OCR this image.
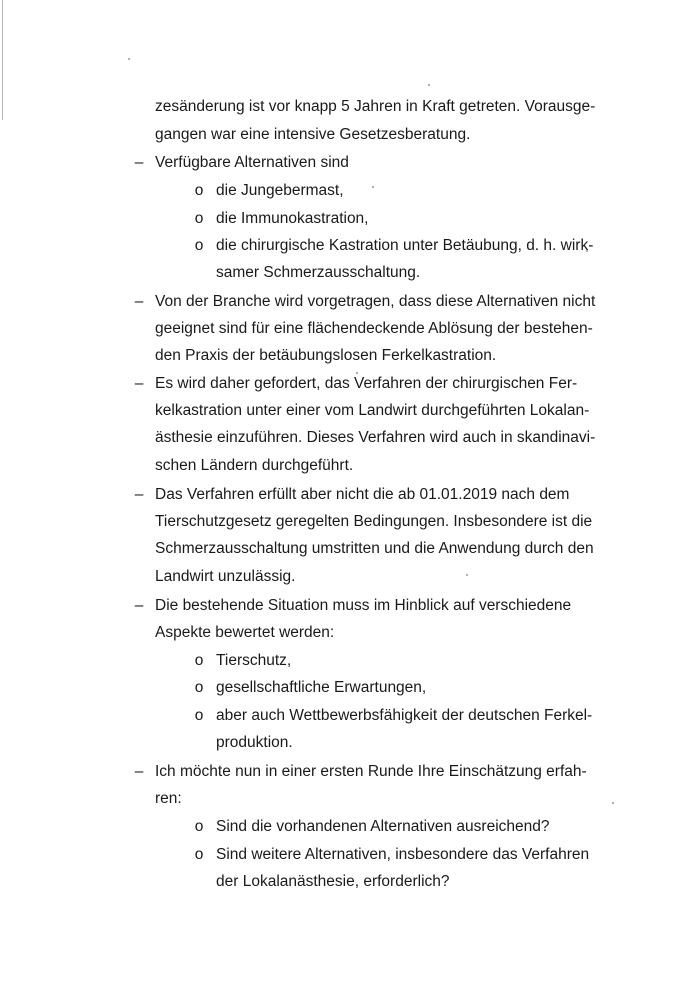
zesänderung ist vor knapp 5 Jahren in Kraft getreten. Vorausge-
gangen war eine intensive Gesetzesberatung.
– Verfügbare Alternativen sind
o die Jungebermast,
o die Immunokastration,
o die chirurgische Kastration unter Betäubung, d. h. wirk-
samer Schmerzausschaltung.
– Von der Branche wird vorgetragen, dass diese Alternativen nicht
geeignet sind für eine flächendeckende Ablösung der bestehen-
den Praxis der betäubungslosen Ferkelkastration.
– Es wird daher gefordert, das Verfahren der chirurgischen Fer-
kelkastration unter einer vom Landwirt durchgeführten Lokalan-
ästhesie einzuführen. Dieses Verfahren wird auch in skandinavi-
schen Ländern durchgeführt.
– Das Verfahren erfüllt aber nicht die ab 01.01.2019 nach dem
Tierschutzgesetz geregelten Bedingungen. Insbesondere ist die
Schmerzausschaltung umstritten und die Anwendung durch den
Landwirt unzulässig.
– Die bestehende Situation muss im Hinblick auf verschiedene
Aspekte bewertet werden:
o Tierschutz,
o gesellschaftliche Erwartungen,
o aber auch Wettbewerbsfähigkeit der deutschen Ferkel-
produktion.
– Ich möchte nun in einer ersten Runde Ihre Einschätzung erfah-
ren:
o Sind die vorhandenen Alternativen ausreichend?
o Sind weitere Alternativen, insbesondere das Verfahren
der Lokalanästhesie, erforderlich?
